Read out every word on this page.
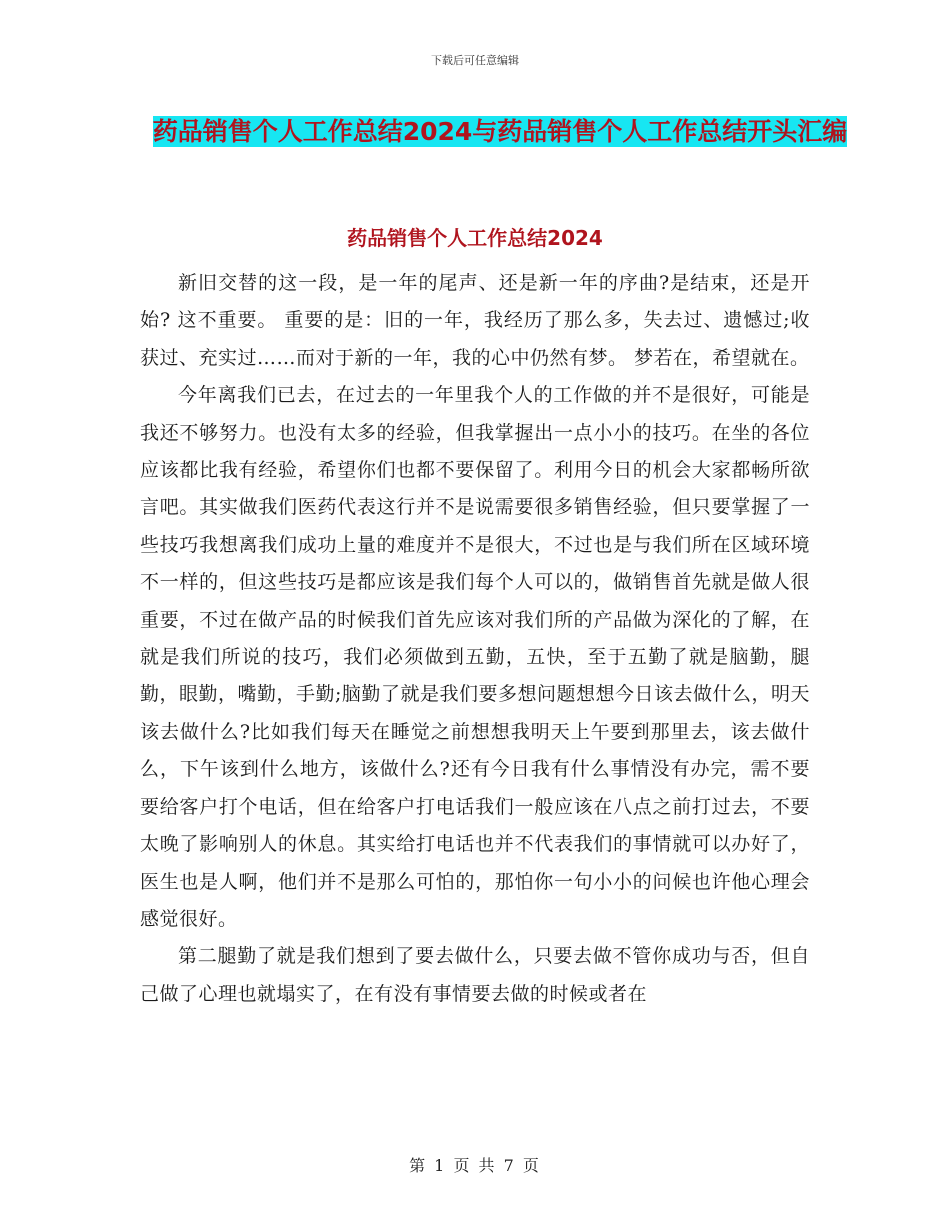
下载后可任意编辑
药品销售个人工作总结2024与药品销售个人工作总结开头汇编
药品销售个人工作总结2024

新旧交替的这一段，是一年的尾声、还是新一年的序曲?是结束，还是开始? 这不重要。 重要的是：旧的一年，我经历了那么多，失去过、遗憾过;收获过、充实过……而对于新的一年，我的心中仍然有梦。 梦若在，希望就在。

今年离我们已去，在过去的一年里我个人的工作做的并不是很好，可能是我还不够努力。也没有太多的经验，但我掌握出一点小小的技巧。在坐的各位应该都比我有经验，希望你们也都不要保留了。利用今日的机会大家都畅所欲言吧。其实做我们医药代表这行并不是说需要很多销售经验，但只要掌握了一些技巧我想离我们成功上量的难度并不是很大，不过也是与我们所在区域环境不一样的，但这些技巧是都应该是我们每个人可以的，做销售首先就是做人很重要，不过在做产品的时候我们首先应该对我们所的产品做为深化的了解，在就是我们所说的技巧，我们必须做到五勤，五快，至于五勤了就是脑勤，腿勤，眼勤，嘴勤，手勤;脑勤了就是我们要多想问题想想今日该去做什么，明天该去做什么?比如我们每天在睡觉之前想想我明天上午要到那里去，该去做什么，下午该到什么地方，该做什么?还有今日我有什么事情没有办完，需不要要给客户打个电话，但在给客户打电话我们一般应该在八点之前打过去，不要太晚了影响别人的休息。其实给打电话也并不代表我们的事情就可以办好了，医生也是人啊，他们并不是那么可怕的，那怕你一句小小的问候也许他心理会感觉很好。

第二腿勤了就是我们想到了要去做什么，只要去做不管你成功与否，但自己做了心理也就塌实了，在有没有事情要去做的时候或者在

第 1 页 共 7 页
